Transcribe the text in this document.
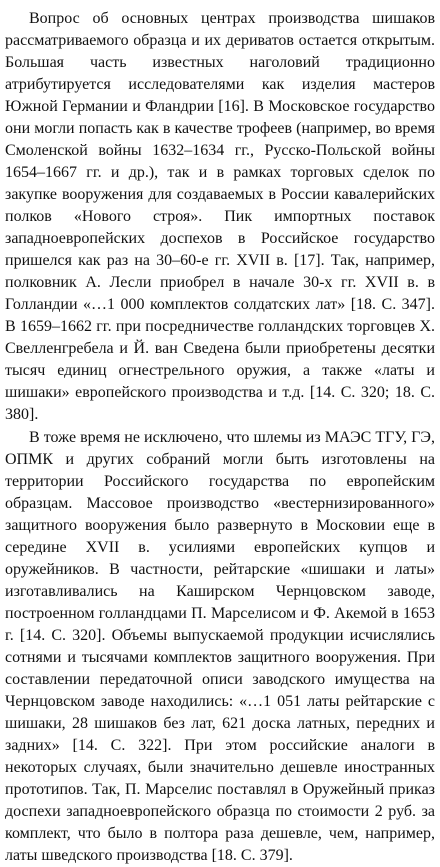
Вопрос об основных центрах производства шишаков рассматриваемого образца и их дериватов остается открытым. Большая часть известных наголовий традиционно атрибутируется исследователями как изделия мастеров Южной Германии и Фландрии [16]. В Московское государство они могли попасть как в качестве трофеев (например, во время Смоленской войны 1632–1634 гг., Русско-Польской войны 1654–1667 гг. и др.), так и в рамках торговых сделок по закупке вооружения для создаваемых в России кавалерийских полков «Нового строя». Пик импортных поставок западноевропейских доспехов в Российское государство пришелся как раз на 30–60-е гг. XVII в. [17]. Так, например, полковник А. Лесли приобрел в начале 30-х гг. XVII в. в Голландии «…1 000 комплектов солдатских лат» [18. С. 347]. В 1659–1662 гг. при посредничестве голландских торговцев Х. Свелленгребела и Й. ван Сведена были приобретены десятки тысяч единиц огнестрельного оружия, а также «латы и шишаки» европейского производства и т.д. [14. С. 320; 18. С. 380].

В тоже время не исключено, что шлемы из МАЭС ТГУ, ГЭ, ОПМК и других собраний могли быть изготовлены на территории Российского государства по европейским образцам. Массовое производство «вестернизированного» защитного вооружения было развернуто в Московии еще в середине XVII в. усилиями европейских купцов и оружейников. В частности, рейтарские «шишаки и латы» изготавливались на Каширском Чернцовском заводе, построенном голландцами П. Марселисом и Ф. Акемой в 1653 г. [14. С. 320]. Объемы выпускаемой продукции исчислялись сотнями и тысячами комплектов защитного вооружения. При составлении передаточной описи заводского имущества на Чернцовском заводе находились: «…1 051 латы рейтарские с шишаки, 28 шишаков без лат, 621 доска латных, передних и задних» [14. С. 322]. При этом российские аналоги в некоторых случаях, были значительно дешевле иностранных прототипов. Так, П. Марселис поставлял в Оружейный приказ доспехи западноевропейского образца по стоимости 2 руб. за комплект, что было в полтора раза дешевле, чем, например, латы шведского производства [18. С. 379].
